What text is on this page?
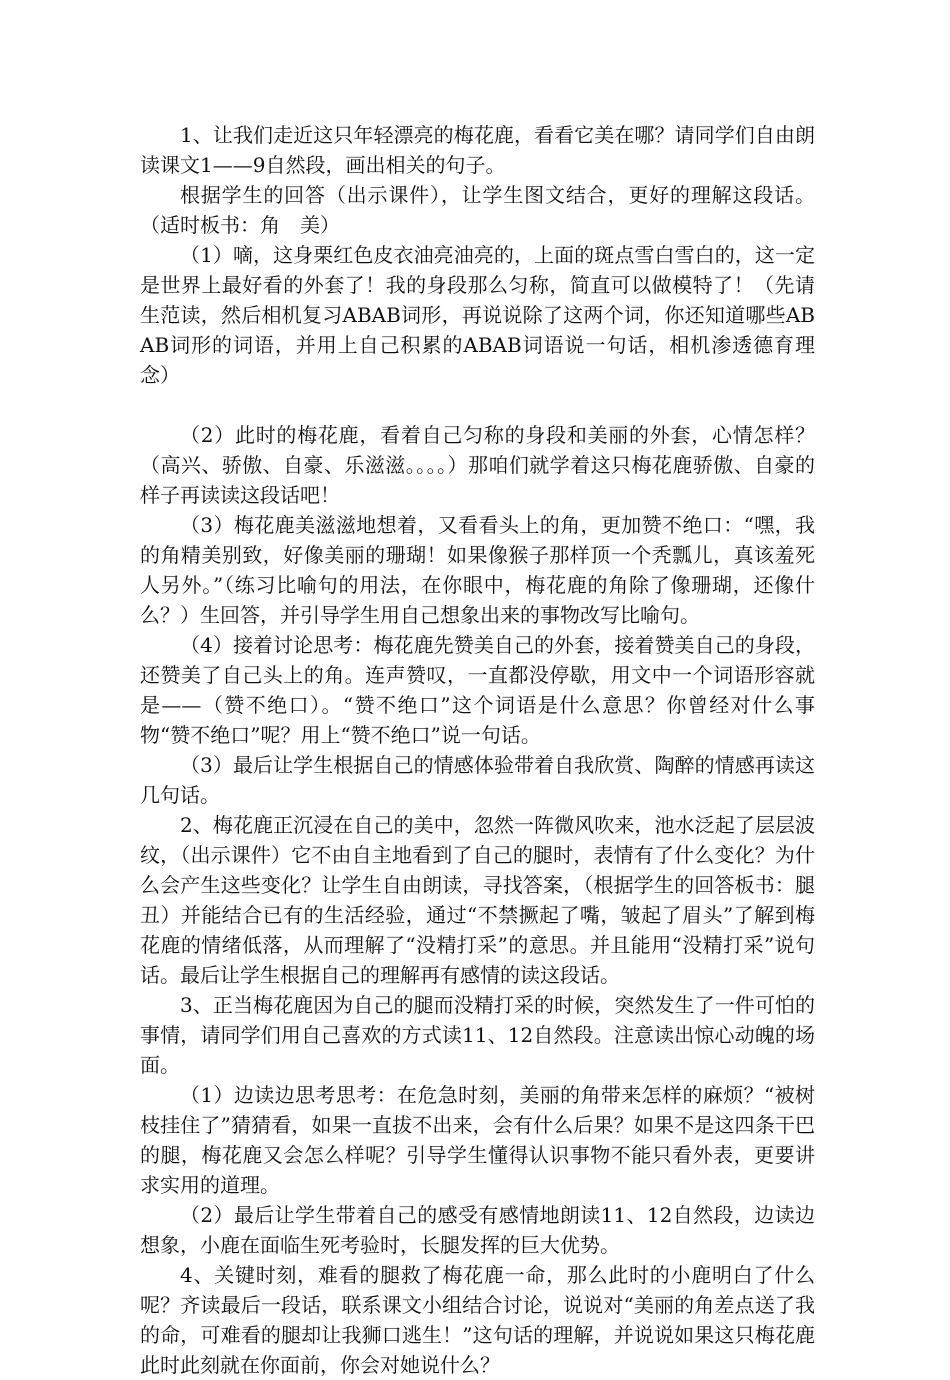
1、让我们走近这只年轻漂亮的梅花鹿，看看它美在哪？请同学们自由朗读课文1——9自然段，画出相关的句子。

根据学生的回答（出示课件），让学生图文结合，更好的理解这段话。（适时板书：角　美）

（1）嘀，这身栗红色皮衣油亮油亮的，上面的斑点雪白雪白的，这一定是世界上最好看的外套了！我的身段那么匀称，简直可以做模特了！（先请生范读，然后相机复习ABAB词形，再说说除了这两个词，你还知道哪些ABAB词形的词语，并用上自己积累的ABAB词语说一句话，相机渗透德育理念）

（2）此时的梅花鹿，看着自己匀称的身段和美丽的外套，心情怎样？（高兴、骄傲、自豪、乐滋滋。。。。）那咱们就学着这只梅花鹿骄傲、自豪的样子再读读这段话吧！

（3）梅花鹿美滋滋地想着，又看看头上的角，更加赞不绝口：“嘿，我的角精美别致，好像美丽的珊瑚！如果像猴子那样顶一个秃瓢儿，真该羞死人另外。”（练习比喻句的用法，在你眼中，梅花鹿的角除了像珊瑚，还像什么？）生回答，并引导学生用自己想象出来的事物改写比喻句。

（4）接着讨论思考：梅花鹿先赞美自己的外套，接着赞美自己的身段，还赞美了自己头上的角。连声赞叹，一直都没停歇，用文中一个词语形容就是——（赞不绝口）。“赞不绝口”这个词语是什么意思？你曾经对什么事物“赞不绝口”呢？用上“赞不绝口”说一句话。

（3）最后让学生根据自己的情感体验带着自我欣赏、陶醉的情感再读这几句话。

2、梅花鹿正沉浸在自己的美中，忽然一阵微风吹来，池水泛起了层层波纹，（出示课件）它不由自主地看到了自己的腿时，表情有了什么变化？为什么会产生这些变化？让学生自由朗读，寻找答案，（根据学生的回答板书：腿　丑）并能结合已有的生活经验，通过“不禁撅起了嘴，皱起了眉头”了解到梅花鹿的情绪低落，从而理解了“没精打采”的意思。并且能用“没精打采”说句话。最后让学生根据自己的理解再有感情的读这段话。

3、正当梅花鹿因为自己的腿而没精打采的时候，突然发生了一件可怕的事情，请同学们用自己喜欢的方式读11、12自然段。注意读出惊心动魄的场面。

（1）边读边思考思考：在危急时刻，美丽的角带来怎样的麻烦？“被树枝挂住了”猜猜看，如果一直拔不出来，会有什么后果？如果不是这四条干巴的腿，梅花鹿又会怎么样呢？引导学生懂得认识事物不能只看外表，更要讲求实用的道理。

（2）最后让学生带着自己的感受有感情地朗读11、12自然段，边读边想象，小鹿在面临生死考验时，长腿发挥的巨大优势。

4、关键时刻，难看的腿救了梅花鹿一命，那么此时的小鹿明白了什么呢？齐读最后一段话，联系课文小组结合讨论，说说对“美丽的角差点送了我的命，可难看的腿却让我狮口逃生！”这句话的理解，并说说如果这只梅花鹿此时此刻就在你面前，你会对她说什么？
